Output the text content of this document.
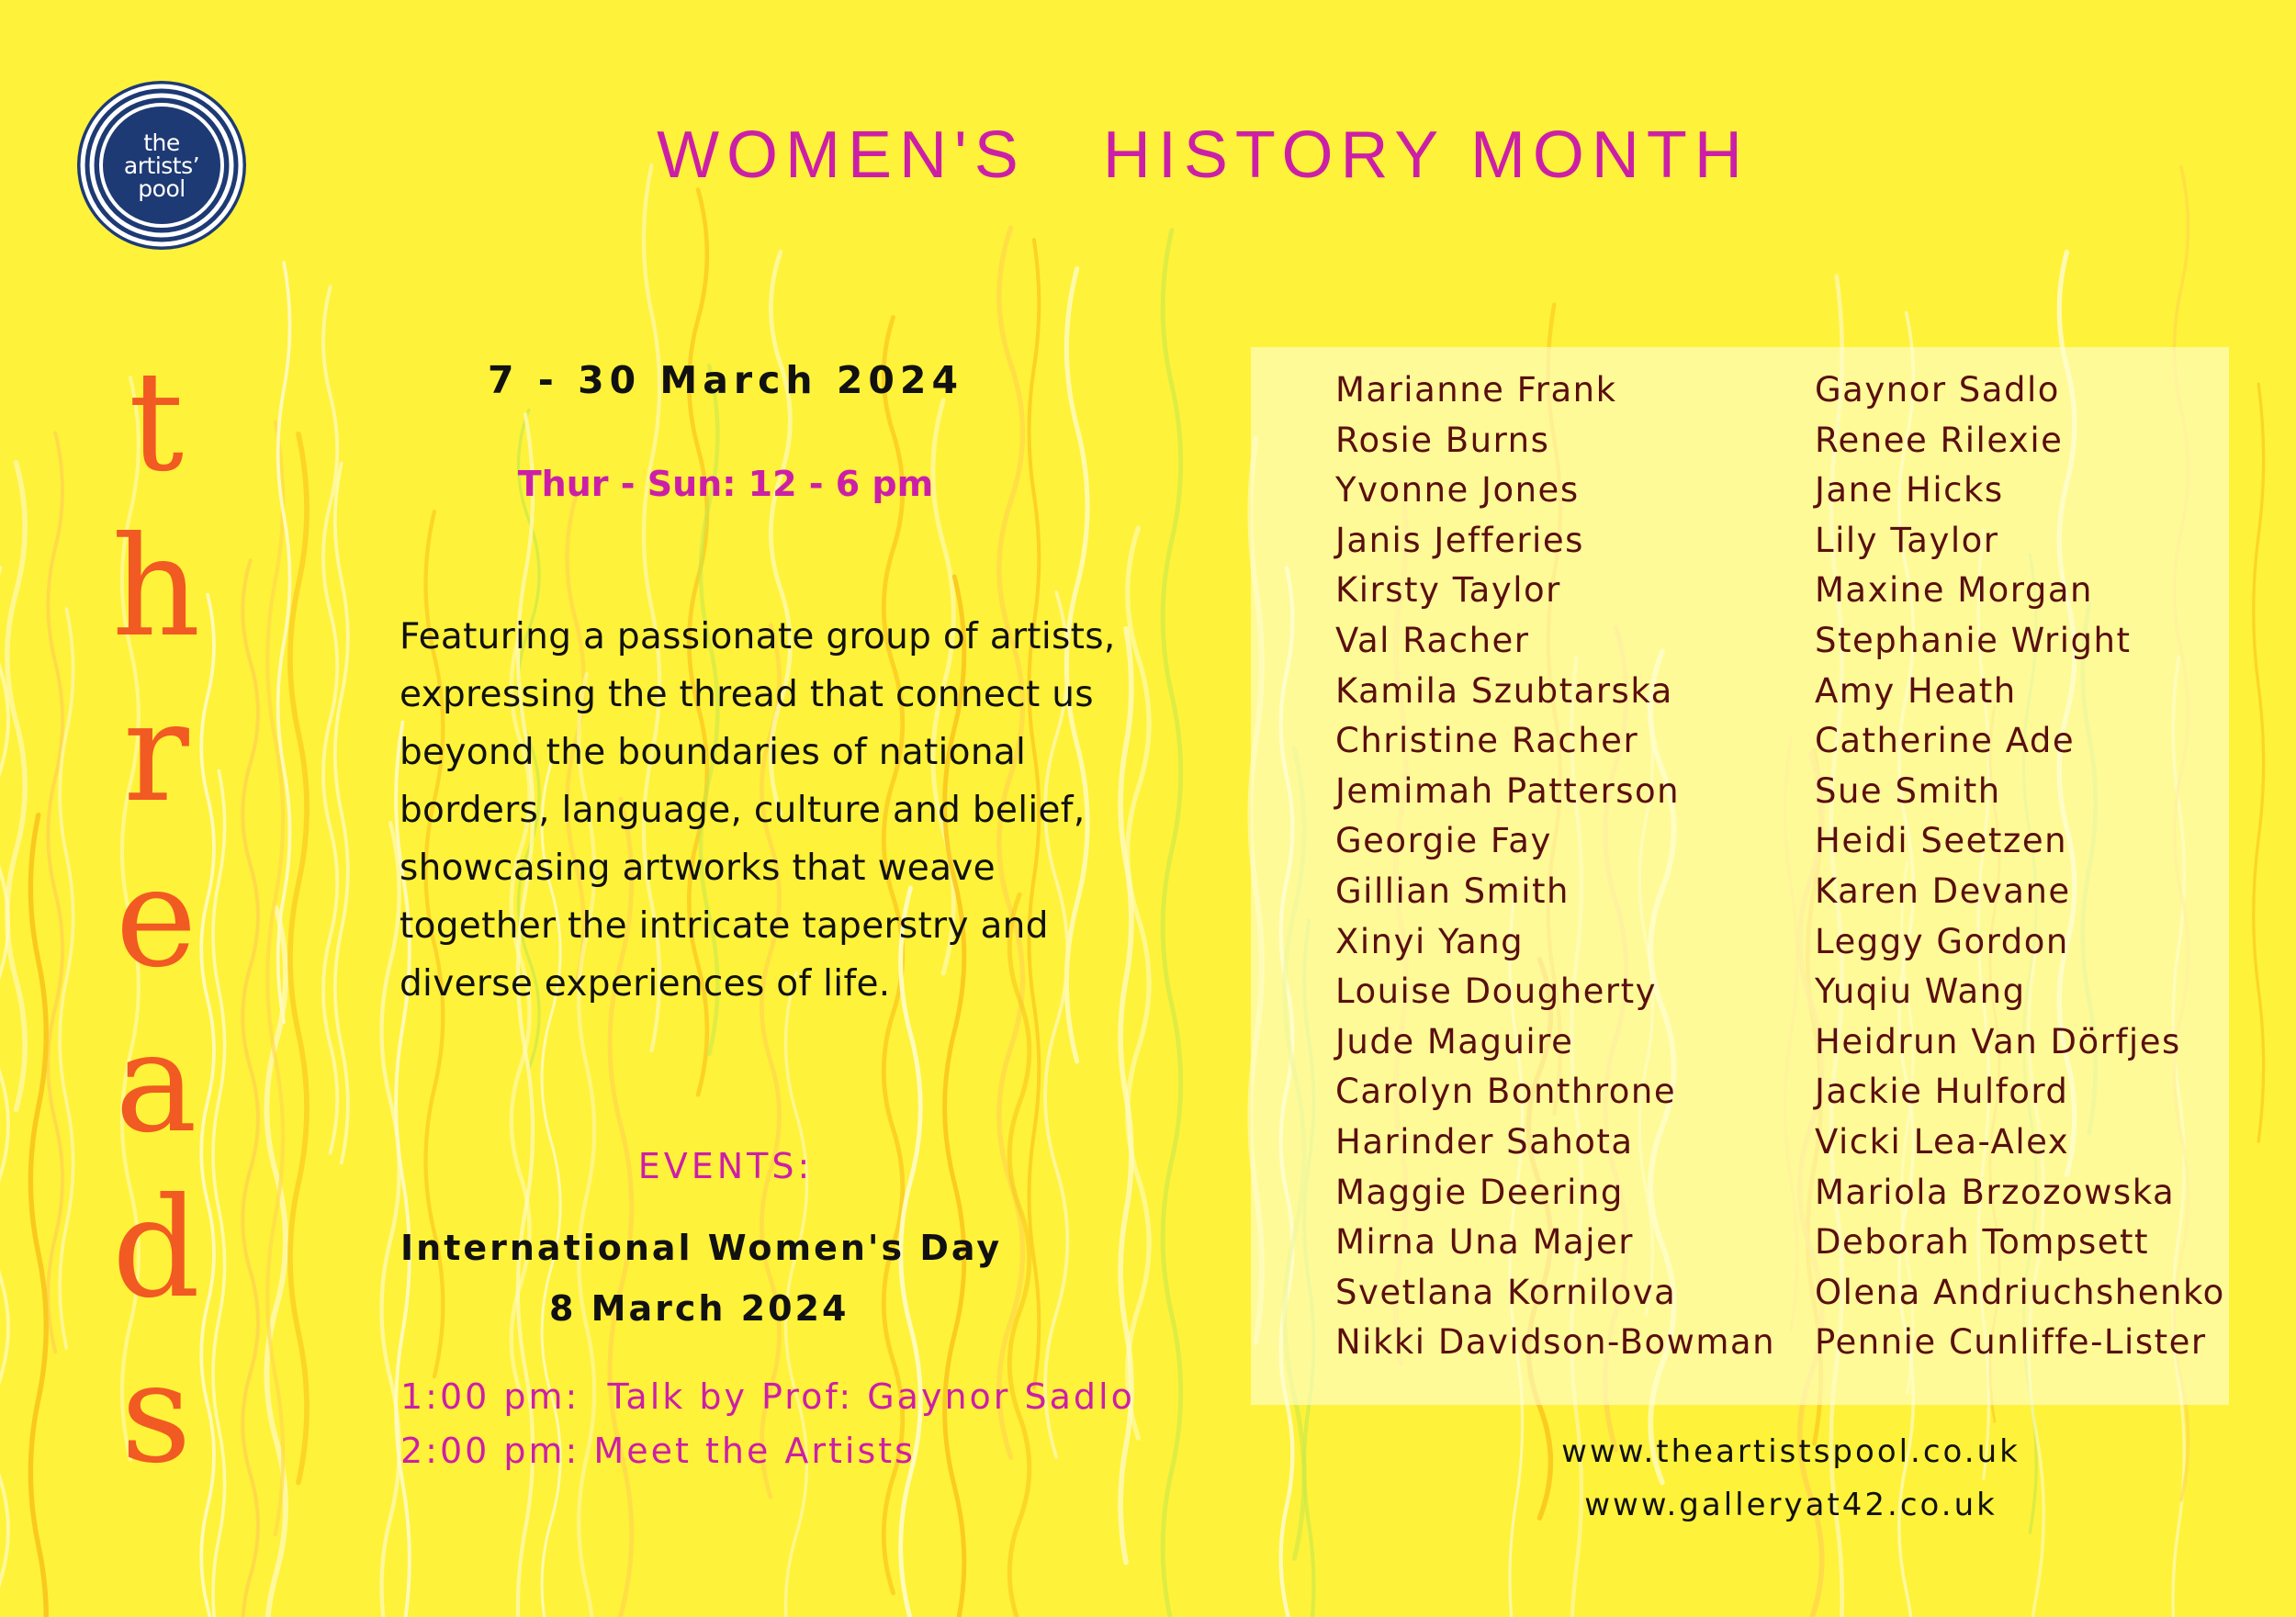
the
artists’
pool	WOMEN'S   HISTORY MONTH
t
h
r
e
a
d
s
7 - 30 March 2024
Thur - Sun: 12 - 6 pm
Featuring a passionate group of artists,
expressing the thread that connect us
beyond the boundaries of national
borders, language, culture and belief,
showcasing artworks that weave
together the intricate taperstry and
diverse experiences of life.
EVENTS:
International Women's Day
8 March 2024
1:00 pm:  Talk by Prof: Gaynor Sadlo
2:00 pm: Meet the Artists
Marianne Frank
Rosie Burns
Yvonne Jones
Janis Jefferies
Kirsty Taylor
Val Racher
Kamila Szubtarska
Christine Racher
Jemimah Patterson
Georgie Fay
Gillian Smith
Xinyi Yang
Louise Dougherty
Jude Maguire
Carolyn Bonthrone
Harinder Sahota
Maggie Deering
Mirna Una Majer
Svetlana Kornilova
Nikki Davidson-Bowman
Gaynor Sadlo
Renee Rilexie
Jane Hicks
Lily Taylor
Maxine Morgan
Stephanie Wright
Amy Heath
Catherine Ade
Sue Smith
Heidi Seetzen
Karen Devane
Leggy Gordon
Yuqiu Wang
Heidrun Van Dörfjes
Jackie Hulford
Vicki Lea-Alex
Mariola Brzozowska
Deborah Tompsett
Olena Andriuchshenko
Pennie Cunliffe-Lister
www.theartistspool.co.uk
www.galleryat42.co.uk
